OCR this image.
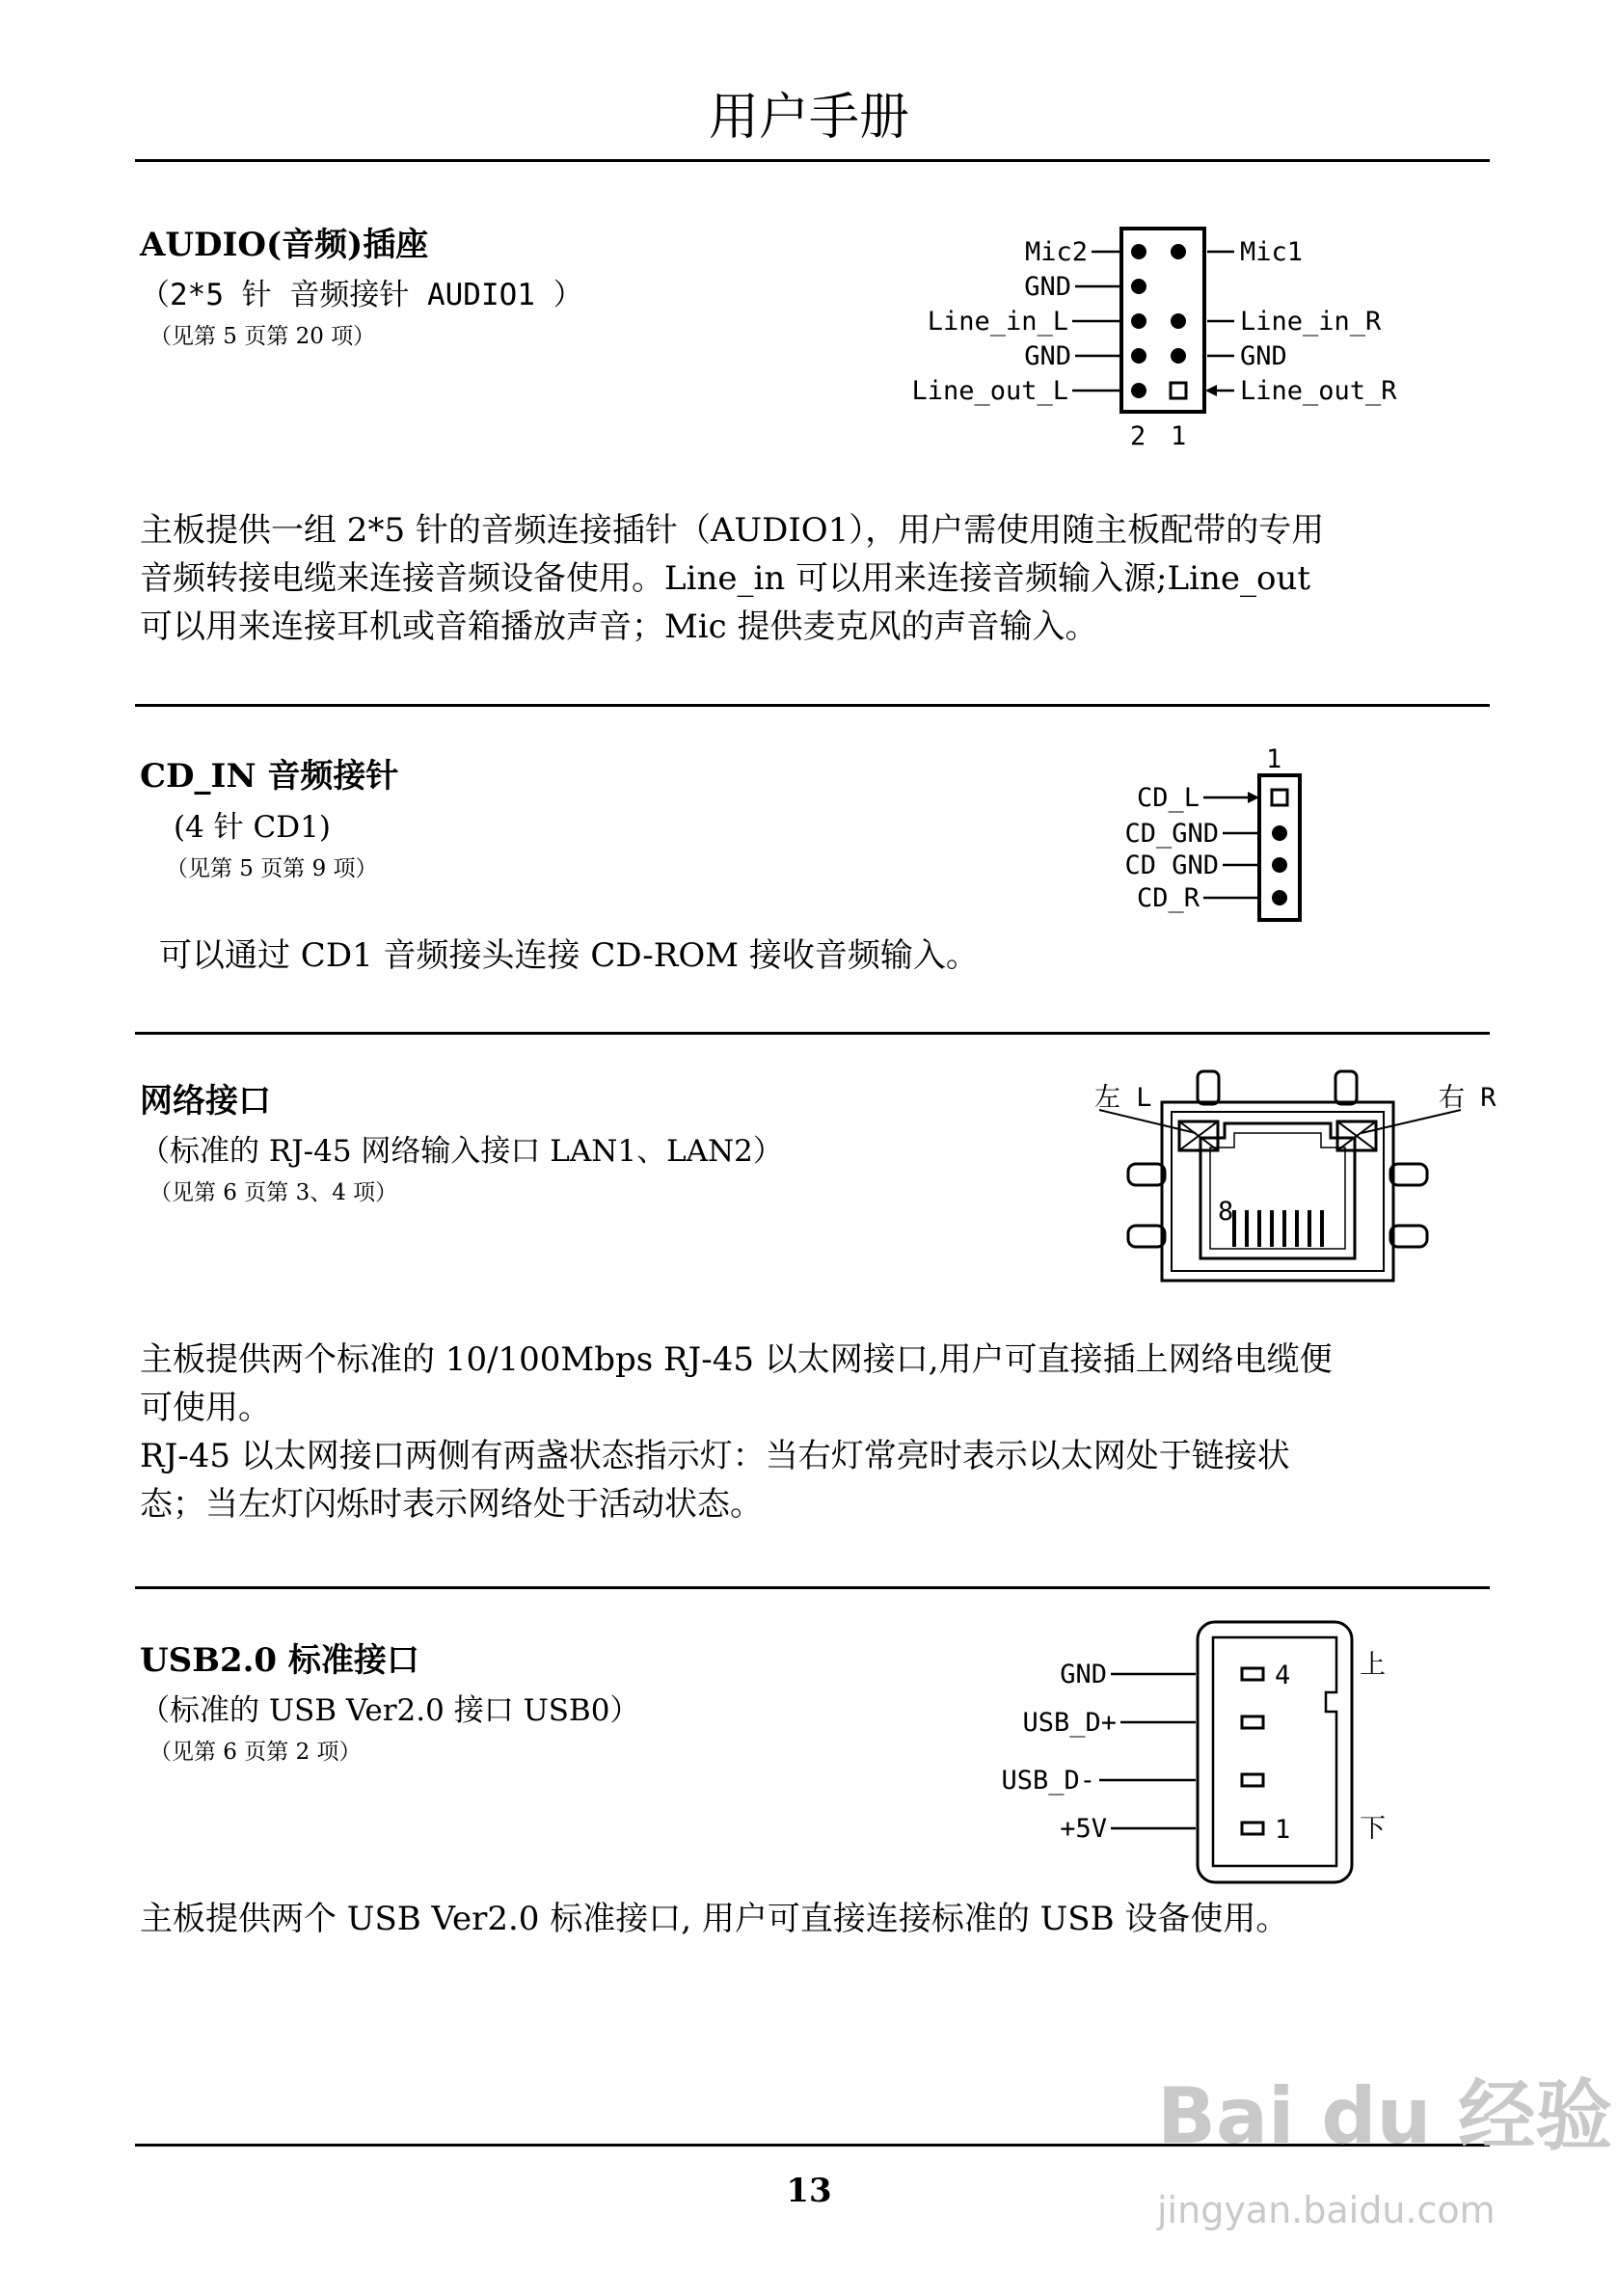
用户手册
AUDIO(音频)插座
（2*5 针 音频接针 AUDIO1 ）
（见第 5 页第 20 项）
Mic2
GND
Line_in_L
GND
Line_out_L
Mic1
Line_in_R
GND
Line_out_R
2 1
主板提供一组 2*5 针的音频连接插针（AUDIO1），用户需使用随主板配带的专用
音频转接电缆来连接音频设备使用。Line_in 可以用来连接音频输入源;Line_out
可以用来连接耳机或音箱播放声音；Mic 提供麦克风的声音输入。
CD_IN 音频接针
(4 针 CD1)
（见第 5 页第 9 项）
1
CD_L
CD_GND
CD GND
CD_R
可以通过 CD1 音频接头连接 CD-ROM 接收音频输入。
网络接口
（标准的 RJ-45 网络输入接口 LAN1、LAN2）
（见第 6 页第 3、4 项）
8
左 L	右 R
主板提供两个标准的 10/100Mbps RJ-45 以太网接口,用户可直接插上网络电缆便
可使用。
RJ-45 以太网接口两侧有两盏状态指示灯：当右灯常亮时表示以太网处于链接状
态；当左灯闪烁时表示网络处于活动状态。
USB2.0 标准接口
（标准的 USB Ver2.0 接口 USB0）
（见第 6 页第 2 项）
4
1
GND
USB_D+
USB_D-
+5V
上
下
主板提供两个 USB Ver2.0 标准接口, 用户可直接连接标准的 USB 设备使用。
13
Bai du 经验
jingyan.baidu.com
